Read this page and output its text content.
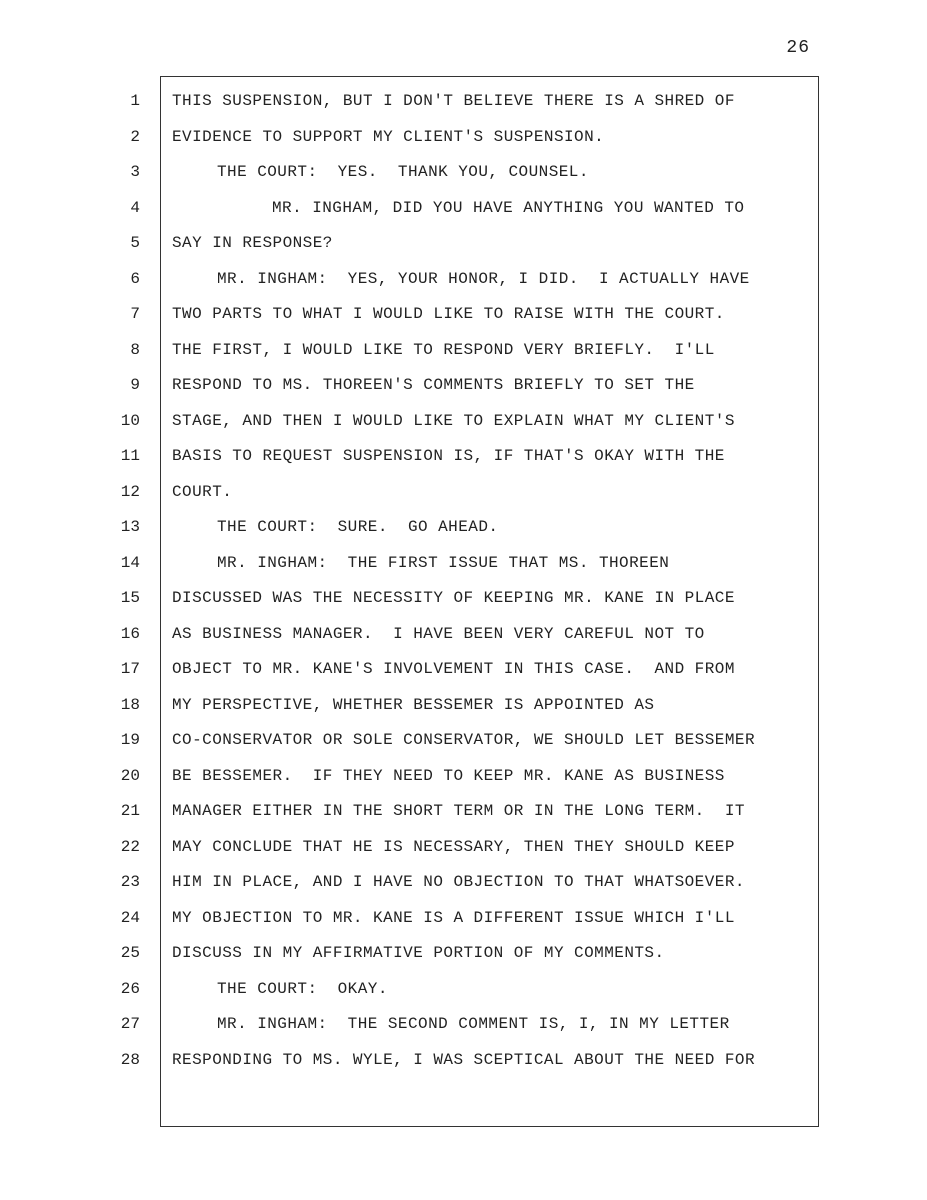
26
1
2
3
4
5
6
7
8
9
10
11
12
13
14
15
16
17
18
19
20
21
22
23
24
25
26
27
28
THIS SUSPENSION, BUT I DON'T BELIEVE THERE IS A SHRED OF
EVIDENCE TO SUPPORT MY CLIENT'S SUSPENSION.
THE COURT:  YES.  THANK YOU, COUNSEL.
MR. INGHAM, DID YOU HAVE ANYTHING YOU WANTED TO
SAY IN RESPONSE?
MR. INGHAM:  YES, YOUR HONOR, I DID.  I ACTUALLY HAVE
TWO PARTS TO WHAT I WOULD LIKE TO RAISE WITH THE COURT.
THE FIRST, I WOULD LIKE TO RESPOND VERY BRIEFLY.  I'LL
RESPOND TO MS. THOREEN'S COMMENTS BRIEFLY TO SET THE
STAGE, AND THEN I WOULD LIKE TO EXPLAIN WHAT MY CLIENT'S
BASIS TO REQUEST SUSPENSION IS, IF THAT'S OKAY WITH THE
COURT.
THE COURT:  SURE.  GO AHEAD.
MR. INGHAM:  THE FIRST ISSUE THAT MS. THOREEN
DISCUSSED WAS THE NECESSITY OF KEEPING MR. KANE IN PLACE
AS BUSINESS MANAGER.  I HAVE BEEN VERY CAREFUL NOT TO
OBJECT TO MR. KANE'S INVOLVEMENT IN THIS CASE.  AND FROM
MY PERSPECTIVE, WHETHER BESSEMER IS APPOINTED AS
CO-CONSERVATOR OR SOLE CONSERVATOR, WE SHOULD LET BESSEMER
BE BESSEMER.  IF THEY NEED TO KEEP MR. KANE AS BUSINESS
MANAGER EITHER IN THE SHORT TERM OR IN THE LONG TERM.  IT
MAY CONCLUDE THAT HE IS NECESSARY, THEN THEY SHOULD KEEP
HIM IN PLACE, AND I HAVE NO OBJECTION TO THAT WHATSOEVER.
MY OBJECTION TO MR. KANE IS A DIFFERENT ISSUE WHICH I'LL
DISCUSS IN MY AFFIRMATIVE PORTION OF MY COMMENTS.
THE COURT:  OKAY.
MR. INGHAM:  THE SECOND COMMENT IS, I, IN MY LETTER
RESPONDING TO MS. WYLE, I WAS SCEPTICAL ABOUT THE NEED FOR
